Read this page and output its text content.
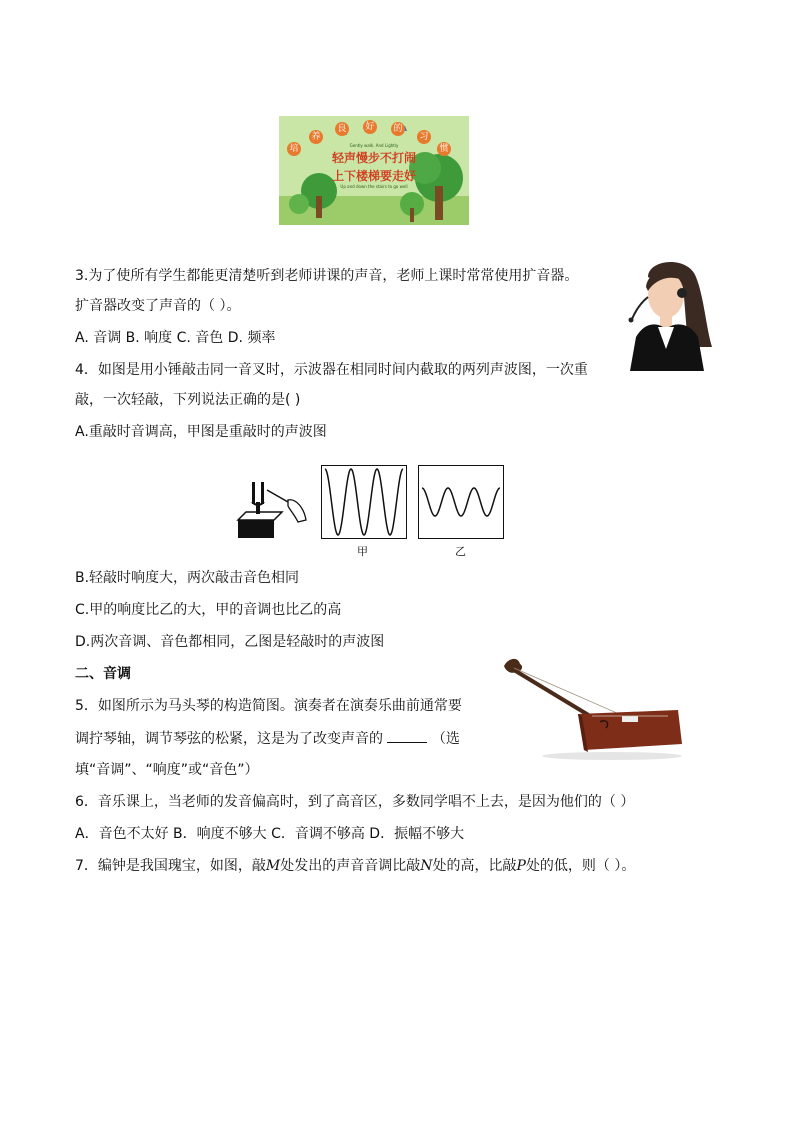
培
养
良 好 的
习
惯
Gently walk. And Lightly
轻声慢步不打闹
上下楼梯要走好
Up and down the stairs to go well
3.为了使所有学生都能更清楚听到老师讲课的声音，老师上课时常常使用扩音器。
扩音器改变了声音的（ ）。
A. 音调 B. 响度 C. 音色 D. 频率
4．如图是用小锤敲击同一音叉时，示波器在相同时间内截取的两列声波图，一次重
敲，一次轻敲，下列说法正确的是( )
A.重敲时音调高，甲图是重敲时的声波图
甲	乙
B.轻敲时响度大，两次敲击音色相同
C.甲的响度比乙的大，甲的音调也比乙的高
D.两次音调、音色都相同，乙图是轻敲时的声波图
二、音调
5．如图所示为马头琴的构造简图。演奏者在演奏乐曲前通常要
调拧琴轴，调节琴弦的松紧，这是为了改变声音的	（选
填“音调”、“响度”或“音色”）
6．音乐课上，当老师的发音偏高时，到了高音区，多数同学唱不上去，是因为他们的（ ）
A．音色不太好 B．响度不够大 C．音调不够高 D．振幅不够大
7．编钟是我国瑰宝，如图，敲M处发出的声音音调比敲N处的高，比敲P处的低，则（ ）。
